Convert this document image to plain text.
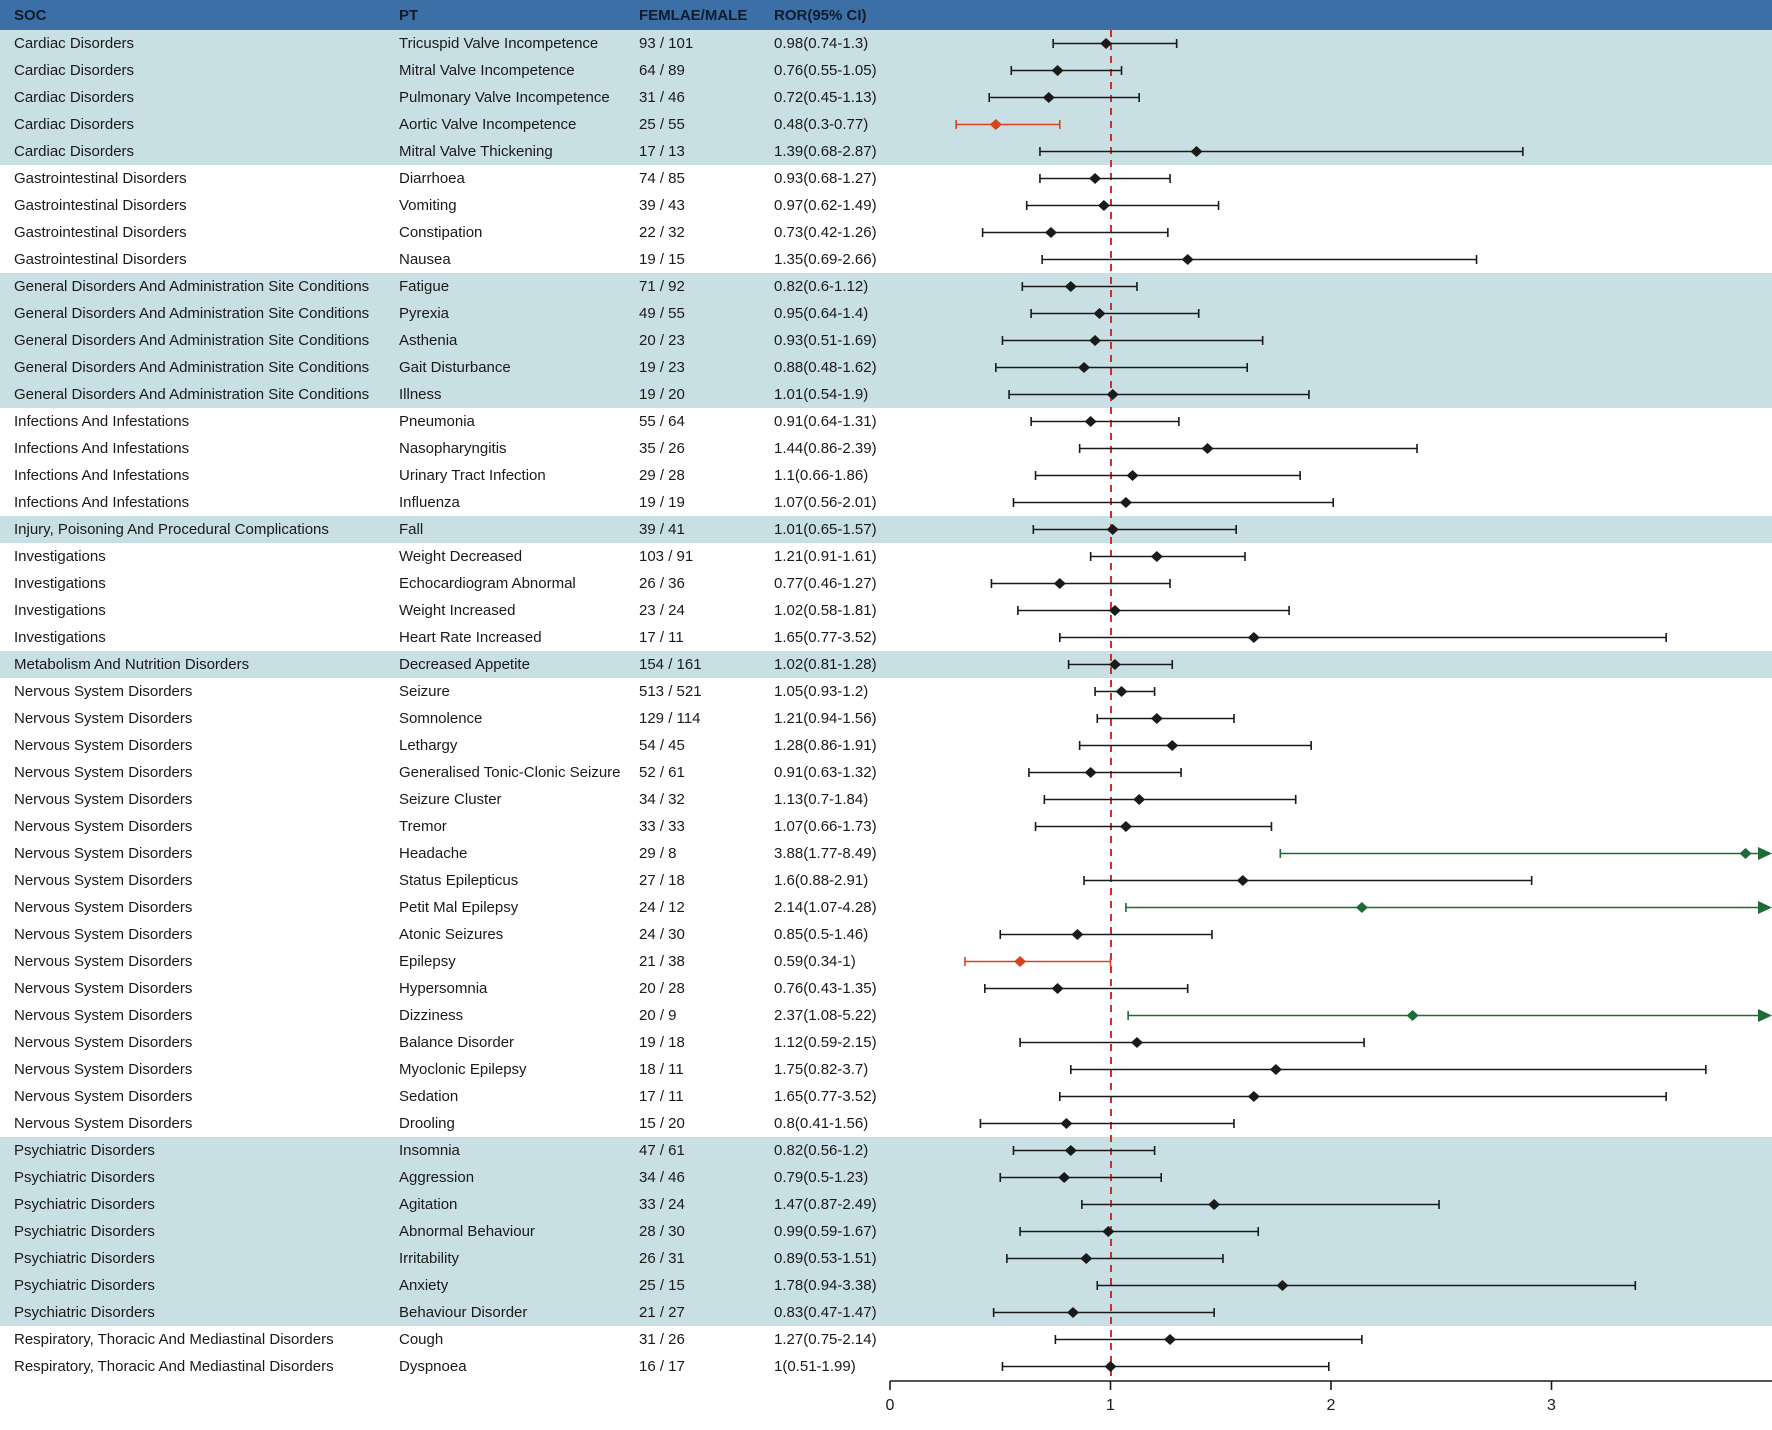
SOC	PT	FEMLAE/MALE	ROR(95% CI)
Cardiac Disorders	Tricuspid Valve Incompetence	93 / 101	0.98(0.74-1.3)
Cardiac Disorders	Mitral Valve Incompetence	64 / 89	0.76(0.55-1.05)
Cardiac Disorders	Pulmonary Valve Incompetence	31 / 46	0.72(0.45-1.13)
Cardiac Disorders	Aortic Valve Incompetence	25 / 55	0.48(0.3-0.77)
Cardiac Disorders	Mitral Valve Thickening	17 / 13	1.39(0.68-2.87)
Gastrointestinal Disorders	Diarrhoea	74 / 85	0.93(0.68-1.27)
Gastrointestinal Disorders	Vomiting	39 / 43	0.97(0.62-1.49)
Gastrointestinal Disorders	Constipation	22 / 32	0.73(0.42-1.26)
Gastrointestinal Disorders	Nausea	19 / 15	1.35(0.69-2.66)
General Disorders And Administration Site Conditions	Fatigue	71 / 92	0.82(0.6-1.12)
General Disorders And Administration Site Conditions	Pyrexia	49 / 55	0.95(0.64-1.4)
General Disorders And Administration Site Conditions	Asthenia	20 / 23	0.93(0.51-1.69)
General Disorders And Administration Site Conditions	Gait Disturbance	19 / 23	0.88(0.48-1.62)
General Disorders And Administration Site Conditions	Illness	19 / 20	1.01(0.54-1.9)
Infections And Infestations	Pneumonia	55 / 64	0.91(0.64-1.31)
Infections And Infestations	Nasopharyngitis	35 / 26	1.44(0.86-2.39)
Infections And Infestations	Urinary Tract Infection	29 / 28	1.1(0.66-1.86)
Infections And Infestations	Influenza	19 / 19	1.07(0.56-2.01)
Injury, Poisoning And Procedural Complications	Fall	39 / 41	1.01(0.65-1.57)
Investigations	Weight Decreased	103 / 91	1.21(0.91-1.61)
Investigations	Echocardiogram Abnormal	26 / 36	0.77(0.46-1.27)
Investigations	Weight Increased	23 / 24	1.02(0.58-1.81)
Investigations	Heart Rate Increased	17 / 11	1.65(0.77-3.52)
Metabolism And Nutrition Disorders	Decreased Appetite	154 / 161	1.02(0.81-1.28)
Nervous System Disorders	Seizure	513 / 521	1.05(0.93-1.2)
Nervous System Disorders	Somnolence	129 / 114	1.21(0.94-1.56)
Nervous System Disorders	Lethargy	54 / 45	1.28(0.86-1.91)
Nervous System Disorders	Generalised Tonic-Clonic Seizure	52 / 61	0.91(0.63-1.32)
Nervous System Disorders	Seizure Cluster	34 / 32	1.13(0.7-1.84)
Nervous System Disorders	Tremor	33 / 33	1.07(0.66-1.73)
Nervous System Disorders	Headache	29 / 8	3.88(1.77-8.49)
Nervous System Disorders	Status Epilepticus	27 / 18	1.6(0.88-2.91)
Nervous System Disorders	Petit Mal Epilepsy	24 / 12	2.14(1.07-4.28)
Nervous System Disorders	Atonic Seizures	24 / 30	0.85(0.5-1.46)
Nervous System Disorders	Epilepsy	21 / 38	0.59(0.34-1)
Nervous System Disorders	Hypersomnia	20 / 28	0.76(0.43-1.35)
Nervous System Disorders	Dizziness	20 / 9	2.37(1.08-5.22)
Nervous System Disorders	Balance Disorder	19 / 18	1.12(0.59-2.15)
Nervous System Disorders	Myoclonic Epilepsy	18 / 11	1.75(0.82-3.7)
Nervous System Disorders	Sedation	17 / 11	1.65(0.77-3.52)
Nervous System Disorders	Drooling	15 / 20	0.8(0.41-1.56)
Psychiatric Disorders	Insomnia	47 / 61	0.82(0.56-1.2)
Psychiatric Disorders	Aggression	34 / 46	0.79(0.5-1.23)
Psychiatric Disorders	Agitation	33 / 24	1.47(0.87-2.49)
Psychiatric Disorders	Abnormal Behaviour	28 / 30	0.99(0.59-1.67)
Psychiatric Disorders	Irritability	26 / 31	0.89(0.53-1.51)
Psychiatric Disorders	Anxiety	25 / 15	1.78(0.94-3.38)
Psychiatric Disorders	Behaviour Disorder	21 / 27	0.83(0.47-1.47)
Respiratory, Thoracic And Mediastinal Disorders	Cough	31 / 26	1.27(0.75-2.14)
Respiratory, Thoracic And Mediastinal Disorders	Dyspnoea	16 / 17	1(0.51-1.99)
0	1	2	3
